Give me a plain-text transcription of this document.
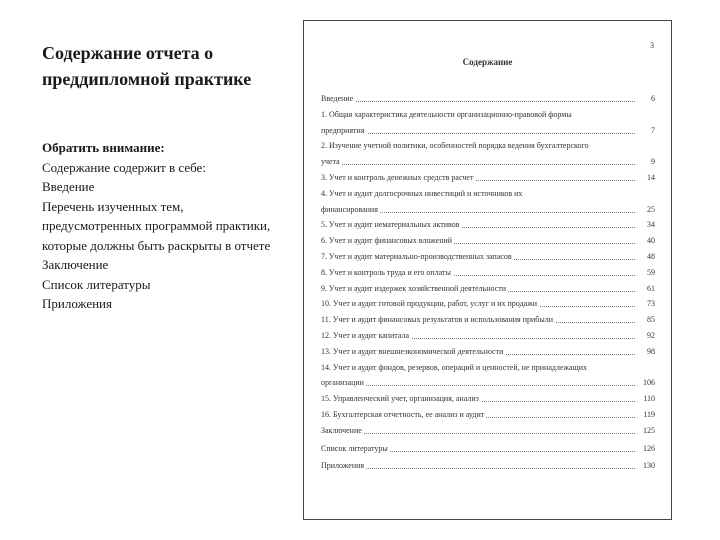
Содержание отчета о преддипломной практике
Обратить внимание:
Содержание содержит в себе:
Введение
Перечень изученных тем, предусмотренных программой практики, которые должны быть раскрыты в отчете
Заключение
Список литературы
Приложения
3
Содержание
Введение	6
1. Общая характеристика деятельности организационно-правовой формы
предприятия	7
2. Изучение учетной политики, особенностей порядка ведения бухгалтерского
учета	9
3. Учет и контроль денежных средств расчет	14
4. Учет и аудит долгосрочных инвестиций и источников их
финансирования	25
5. Учет и аудит нематериальных активов	34
6. Учет и аудит финансовых вложений	40
7. Учет и аудит материально-производственных запасов	48
8. Учет и контроль труда и его оплаты	59
9. Учет и аудит издержек хозяйственной деятельности	61
10. Учет и аудит готовой продукции, работ, услуг и их продажи	73
11. Учет и аудит финансовых результатов и использования прибыли	85
12. Учет и аудит капитала	92
13. Учет и аудит внешнеэкономической деятельности	98
14. Учет и аудит фондов, резервов, операций и ценностей, не принадлежащих
организации	106
15. Управленческий учет, организация, анализ	110
16. Бухгалтерская отчетность, ее анализ и аудит	119
Заключение	125
Список литературы	126
Приложения	130
